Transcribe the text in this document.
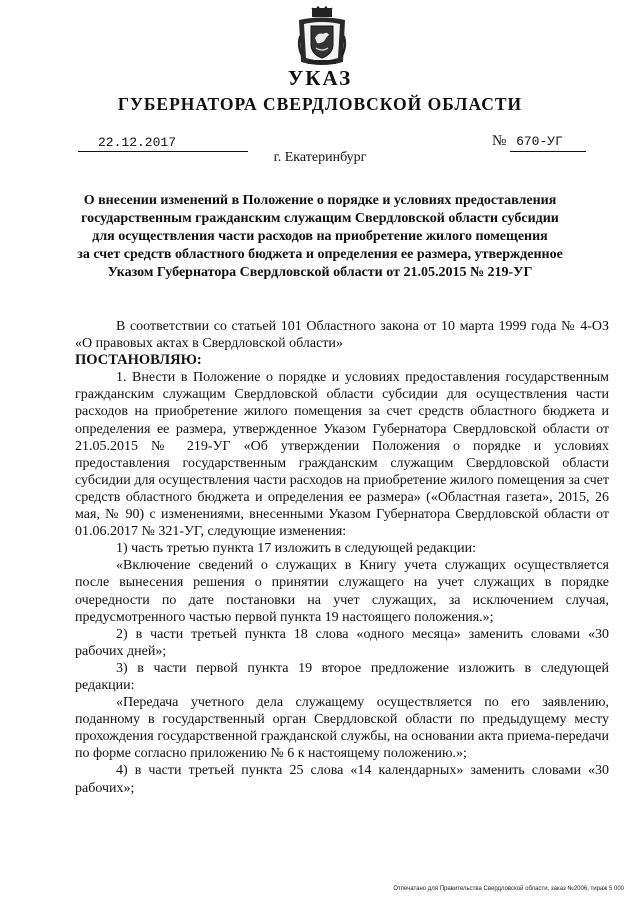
УКАЗ
ГУБЕРНАТОРА СВЕРДЛОВСКОЙ ОБЛАСТИ
22.12.2017	№ 670-УГ
г. Екатеринбург
О внесении изменений в Положение о порядке и условиях предоставления
государственным гражданским служащим Свердловской области субсидии
для осуществления части расходов на приобретение жилого помещения
за счет средств областного бюджета и определения ее размера, утвержденное
Указом Губернатора Свердловской области от 21.05.2015 № 219-УГ

В соответствии со статьей 101 Областного закона от 10 марта 1999 года № 4-ОЗ «О правовых актах в Свердловской области»

ПОСТАНОВЛЯЮ:

1. Внести в Положение о порядке и условиях предоставления государственным гражданским служащим Свердловской области субсидии для осуществления части расходов на приобретение жилого помещения за счет средств областного бюджета и определения ее размера, утвержденное Указом Губернатора Свердловской области от 21.05.2015 № 219-УГ «Об утверждении Положения о порядке и условиях предоставления государственным гражданским служащим Свердловской области субсидии для осуществления части расходов на приобретение жилого помещения за счет средств областного бюджета и определения ее размера» («Областная газета», 2015, 26 мая, № 90) с изменениями, внесенными Указом Губернатора Свердловской области от 01.06.2017 № 321-УГ, следующие изменения:

1) часть третью пункта 17 изложить в следующей редакции:

«Включение сведений о служащих в Книгу учета служащих осуществляется после вынесения решения о принятии служащего на учет служащих в порядке очередности по дате постановки на учет служащих, за исключением случая, предусмотренного частью первой пункта 19 настоящего положения.»;

2) в части третьей пункта 18 слова «одного месяца» заменить словами «30 рабочих дней»;

3) в части первой пункта 19 второе предложение изложить в следующей редакции:

«Передача учетного дела служащему осуществляется по его заявлению, поданному в государственный орган Свердловской области по предыдущему месту прохождения государственной гражданской службы, на основании акта приема-передачи по форме согласно приложению № 6 к настоящему положению.»;

4) в части третьей пункта 25 слова «14 календарных» заменить словами «30 рабочих»;

Отпечатано для Правительства Свердловской области, заказ №2006, тираж 5 000
